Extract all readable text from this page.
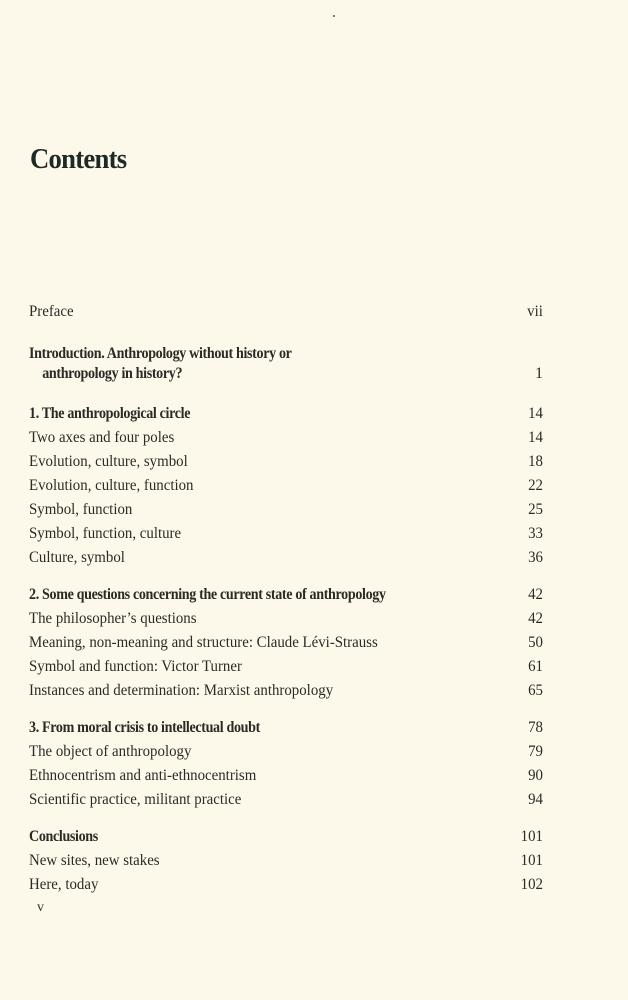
Contents
Preface	vii
Introduction. Anthropology without history or
anthropology in history?	1
1. The anthropological circle	14
Two axes and four poles	14
Evolution, culture, symbol	18
Evolution, culture, function	22
Symbol, function	25
Symbol, function, culture	33
Culture, symbol	36
2. Some questions concerning the current state of anthropology	42
The philosopher’s questions	42
Meaning, non-meaning and structure: Claude Lévi-Strauss	50
Symbol and function: Victor Turner	61
Instances and determination: Marxist anthropology	65
3. From moral crisis to intellectual doubt	78
The object of anthropology	79
Ethnocentrism and anti-ethnocentrism	90
Scientific practice, militant practice	94
Conclusions	101
New sites, new stakes	101
Here, today	102
v
